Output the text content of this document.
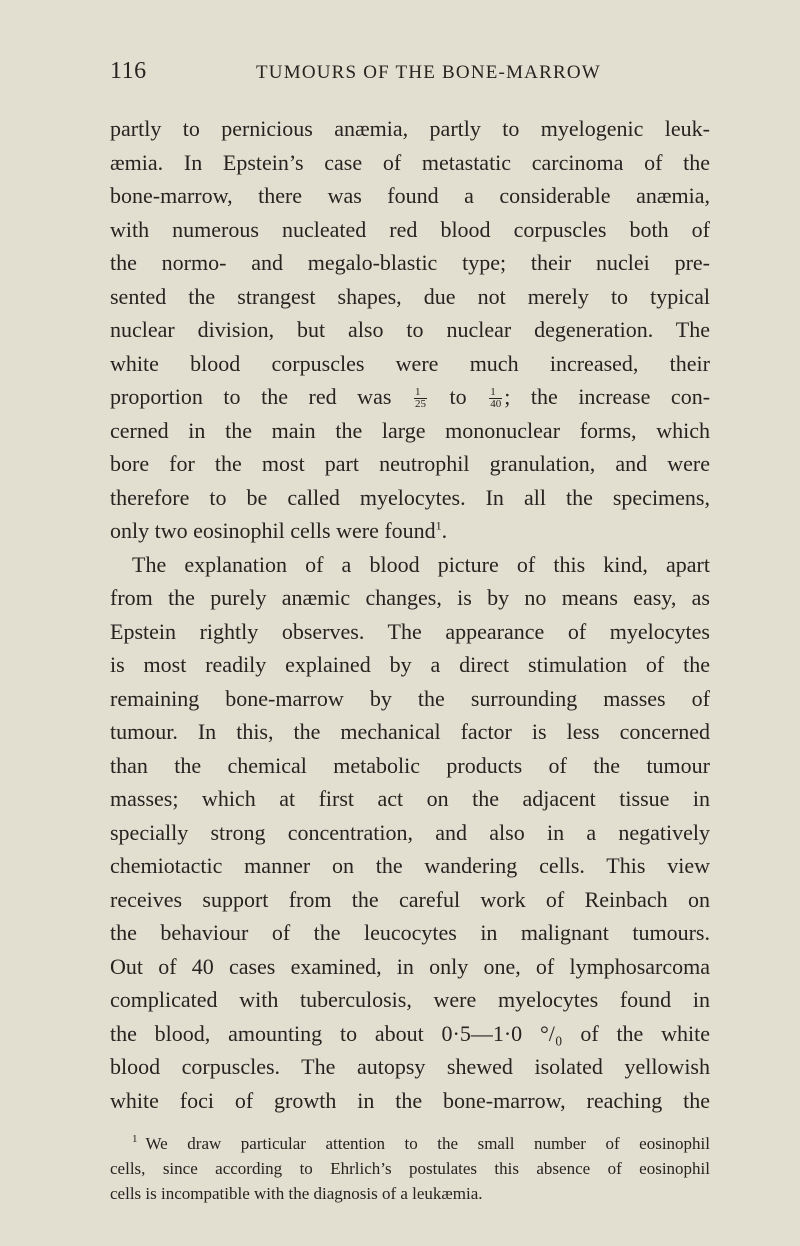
116	TUMOURS OF THE BONE-MARROW
partly to pernicious anæmia, partly to myelogenic leuk-
æmia. In Epstein’s case of metastatic carcinoma of the
bone-marrow, there was found a considerable anæmia,
with numerous nucleated red blood corpuscles both of
the normo- and megalo-blastic type; their nuclei pre-
sented the strangest shapes, due not merely to typical
nuclear division, but also to nuclear degeneration. The
white blood corpuscles were much increased, their
proportion to the red was $\frac{1}{25}$ to $\frac{1}{40}$ ; the increase con-
cerned in the main the large mononuclear forms, which
bore for the most part neutrophil granulation, and were
therefore to be called myelocytes. In all the specimens,
only two eosinophil cells were found$^1$.
The explanation of a blood picture of this kind, apart
from the purely anæmic changes, is by no means easy, as
Epstein rightly observes. The appearance of myelocytes
is most readily explained by a direct stimulation of the
remaining bone-marrow by the surrounding masses of
tumour. In this, the mechanical factor is less concerned
than the chemical metabolic products of the tumour
masses; which at first act on the adjacent tissue in
specially strong concentration, and also in a negatively
chemiotactic manner on the wandering cells. This view
receives support from the careful work of Reinbach on
the behaviour of the leucocytes in malignant tumours.
Out of 40 cases examined, in only one, of lymphosarcoma
complicated with tuberculosis, were myelocytes found in
the blood, amounting to about 0·5—1·0 °/₀ of the white
blood corpuscles. The autopsy shewed isolated yellowish
white foci of growth in the bone-marrow, reaching the
$^1$ We draw particular attention to the small number of eosinophil
cells, since according to Ehrlich’s postulates this absence of eosinophil
cells is incompatible with the diagnosis of a leukæmia.
